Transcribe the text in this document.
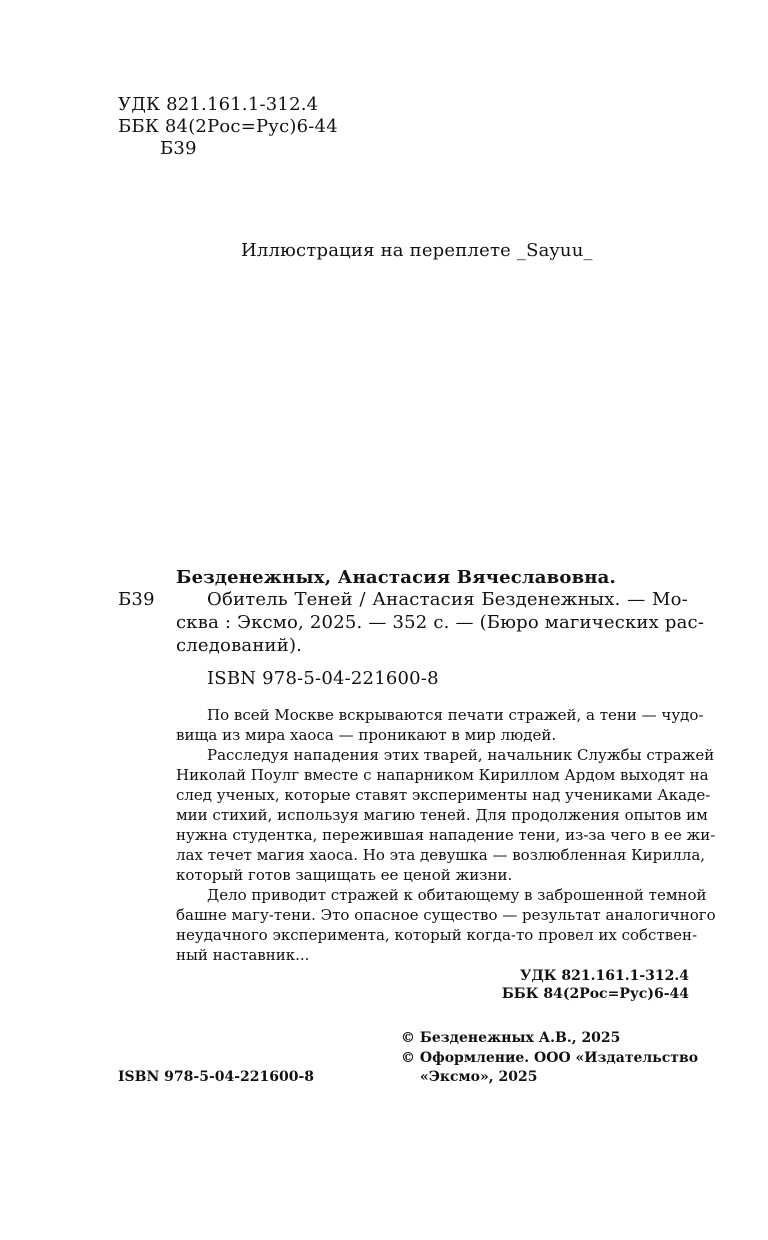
УДК 821.161.1-312.4
ББК 84(2Рос=Рус)6-44
Б39
Иллюстрация на переплете _Sayuu_
Безденежных, Анастасия Вячеславовна.
Б39	Обитель Теней / Анастасия Безденежных. — Мо-
сква : Эксмо, 2025. — 352 с. — (Бюро магических рас-
следований).
ISBN 978-5-04-221600-8
По всей Москве вскрываются печати стражей, а тени — чудо-
вища из мира хаоса — проникают в мир людей.
Расследуя нападения этих тварей, начальник Службы стражей
Николай Поулг вместе с напарником Кириллом Ардом выходят на
след ученых, которые ставят эксперименты над учениками Акаде-
мии стихий, используя магию теней. Для продолжения опытов им
нужна студентка, пережившая нападение тени, из-за чего в ее жи-
лах течет магия хаоса. Но эта девушка — возлюбленная Кирилла,
который готов защищать ее ценой жизни.
Дело приводит стражей к обитающему в заброшенной темной
башне магу-тени. Это опасное существо — результат аналогичного
неудачного эксперимента, который когда-то провел их собствен-
ный наставник...
УДК 821.161.1-312.4
ББК 84(2Рос=Рус)6-44
© Безденежных А.В., 2025
© Оформление. ООО «Издательство
«Эксмо», 2025
ISBN 978-5-04-221600-8
